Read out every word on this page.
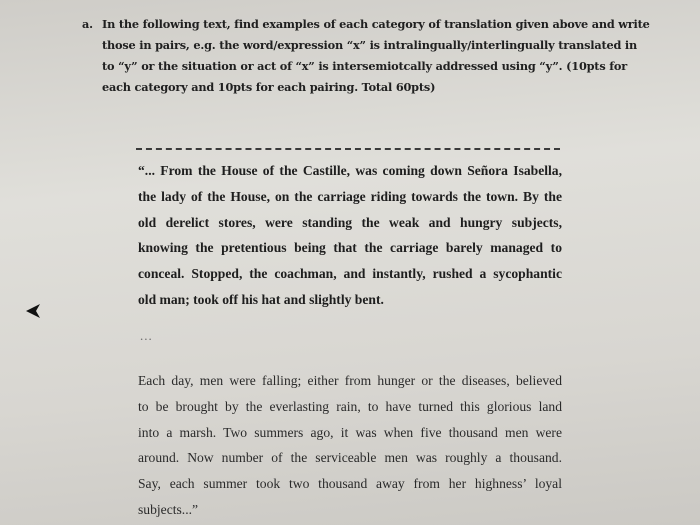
a. In the following text, find examples of each category of translation given above and write
those in pairs, e.g. the word/expression “x” is intralingually/interlingually translated in
to “y” or the situation or act of “x” is intersemiotcally addressed using “y”. (10pts for
each category and 10pts for each pairing. Total 60pts)
“... From the House of the Castille, was coming down Señora Isabella,
the lady of the House, on the carriage riding towards the town. By the
old derelict stores, were standing the weak and hungry subjects,
knowing the pretentious being that the carriage barely managed to
conceal. Stopped, the coachman, and instantly, rushed a sycophantic
old man; took off his hat and slightly bent.
...
Each day, men were falling; either from hunger or the diseases, believed
to be brought by the everlasting rain, to have turned this glorious land
into a marsh. Two summers ago, it was when five thousand men were
around. Now number of the serviceable men was roughly a thousand.
Say, each summer took two thousand away from her highness’ loyal
subjects...”
